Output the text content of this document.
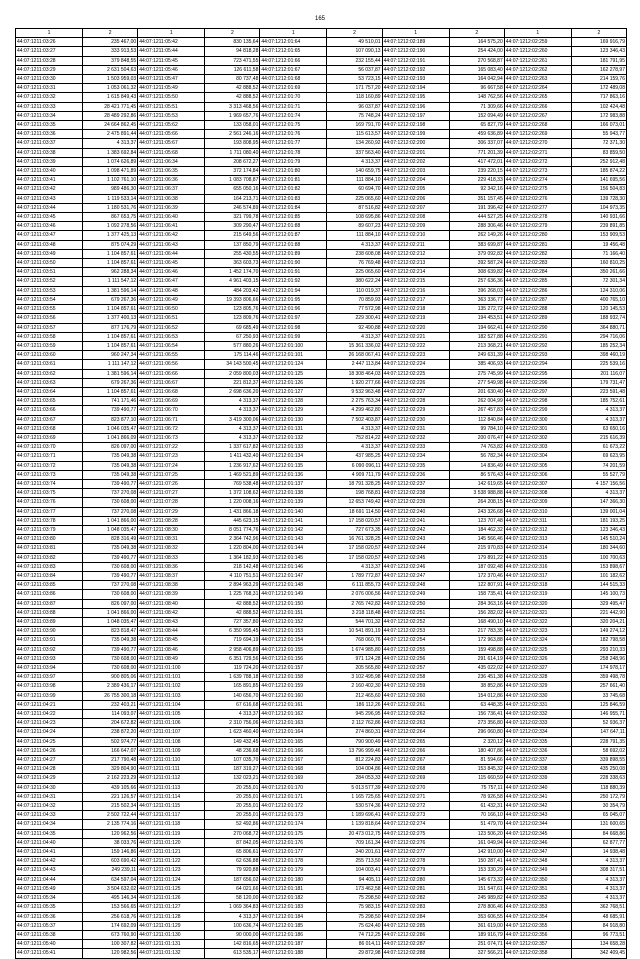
165
1	2	1	2	1	2	1	2	1	2
44:07:1211:03:26	235 467,00	44:07:1211:05:42	830 135,64	44:07:1212:01:64	49 510,01	44:07:1212:02:189	164 575,20	44:07:1212:02:259	169 916,79
44:07:1211:03:27	333 913,53	44:07:1211:05:44	94 818,28	44:07:1212:01:65	107 090,13	44:07:1212:02:190	254 424,00	44:07:1212:02:260	123 346,43
44:07:1211:03:28	379 848,55	44:07:1211:05:45	723 471,55	44:07:1212:01:66	232 155,44	44:07:1212:02:191	270 568,87	44:07:1212:02:261	181 791,95
44:07:1211:03:29	2 631 504,63	44:07:1211:05:46	126 611,58	44:07:1212:01:67	56 037,87	44:07:1212:02:192	165 083,40	44:07:1212:02:262	162 278,97
44:07:1211:03:30	1 503 959,03	44:07:1211:05:47	80 737,48	44:07:1212:01:68	53 723,15	44:07:1212:02:193	164 042,94	44:07:1212:02:263	214 159,76
44:07:1211:03:31	1 053 061,32	44:07:1211:05:49	42 888,52	44:07:1212:01:69	171 757,20	44:07:1212:02:194	96 667,58	44:07:1212:02:264	172 489,08
44:07:1211:03:32	1 615 849,43	44:07:1211:05:50	42 888,52	44:07:1212:01:70	118 160,89	44:07:1212:02:195	148 762,56	44:07:1212:02:265	717 863,16
44:07:1211:03:33	28 421 771,45	44:07:1211:05:51	3 313 468,56	44:07:1212:01:71	96 037,87	44:07:1212:02:196	71 309,66	44:07:1212:02:266	102 424,48
44:07:1211:03:34	28 489 292,86	44:07:1211:05:53	1 969 657,76	44:07:1212:01:74	75 748,24	44:07:1212:02:197	152 094,49	44:07:1212:02:267	172 983,88
44:07:1211:03:35	24 664 862,45	44:07:1211:05:62	133 058,01	44:07:1212:01:75	169 791,70	44:07:1212:02:198	65 827,79	44:07:1212:02:268	166 073,01
44:07:1211:03:36	2 475 891,44	44:07:1211:05:66	2 561 246,16	44:07:1212:01:76	115 613,57	44:07:1212:02:199	459 636,89	44:07:1212:02:269	55 943,77
44:07:1211:03:37	4 313,37	44:07:1211:05:67	193 808,95	44:07:1212:01:77	134 260,92	44:07:1212:02:200	306 337,07	44:07:1212:02:270	72 371,30
44:07:1211:03:38	1 383 692,84	44:07:1211:05:68	1 711 080,40	44:07:1212:01:78	337 563,40	44:07:1212:02:201	771 201,39	44:07:1212:02:271	83 859,50
44:07:1211:03:39	1 074 626,89	44:07:1211:06:34	208 672,27	44:07:1212:01:79	4 313,37	44:07:1212:02:202	417 472,01	44:07:1212:02:272	252 912,48
44:07:1211:03:40	1 098 471,89	44:07:1211:06:35	372 174,84	44:07:1212:01:80	140 659,75	44:07:1212:02:203	239 220,15	44:07:1212:02:273	185 874,22
44:07:1211:03:41	1 102 761,10	44:07:1211:06:36	1 083 708,87	44:07:1212:01:81	111 884,10	44:07:1212:02:204	229 418,33	44:07:1212:02:274	141 695,56
44:07:1211:03:42	989 486,30	44:07:1211:06:37	655 050,16	44:07:1212:01:82	60 694,70	44:07:1212:02:205	92 342,16	44:07:1212:02:275	156 504,83
44:07:1211:03:43	1 119 533,14	44:07:1211:06:38	164 213,71	44:07:1212:01:83	225 065,60	44:07:1212:02:206	351 157,45	44:07:1212:02:276	139 728,30
44:07:1211:03:44	1 180 531,76	44:07:1211:06:39	246 574,89	44:07:1212:01:84	87 516,82	44:07:1212:02:207	191 396,42	44:07:1212:02:277	104 973,35
44:07:1211:03:45	867 653,75	44:07:1211:06:40	321 799,78	44:07:1212:01:85	108 695,86	44:07:1212:02:208	444 527,25	44:07:1212:02:278	140 931,66
44:07:1211:03:46	1 092 278,56	44:07:1211:06:41	309 290,47	44:07:1212:01:88	89 607,23	44:07:1212:02:209	288 306,46	44:07:1212:02:279	239 891,85
44:07:1211:03:47	1 377 425,13	44:07:1211:06:42	215 649,56	44:07:1212:01:87	111 884,10	44:07:1212:02:210	262 149,26	44:07:1212:02:280	153 909,53
44:07:1211:03:48	875 074,29	44:07:1211:06:43	137 850,79	44:07:1212:01:88	4 313,37	44:07:1212:02:211	383 699,87	44:07:1212:02:281	19 456,48
44:07:1211:03:49	1 104 857,61	44:07:1211:06:44	255 430,55	44:07:1212:01:89	238 608,08	44:07:1212:02:212	379 092,82	44:07:1212:02:282	71 166,40
44:07:1211:03:50	1 104 857,61	44:07:1211:06:45	363 603,73	44:07:1212:01:90	76 769,48	44:07:1212:02:213	392 587,24	44:07:1212:02:283	160 810,25
44:07:1211:03:51	962 288,34	44:07:1211:06:46	1 452 174,70	44:07:1212:01:91	225 065,60	44:07:1212:02:214	308 639,82	44:07:1212:02:284	350 261,66
44:07:1211:03:52	1 111 547,12	44:07:1211:06:47	4 961 403,15	44:07:1212:01:92	380 622,24	44:07:1212:02:215	257 636,36	44:07:1212:02:285	72 301,34
44:07:1211:03:53	1 381 596,14	44:07:1211:06:48	484 203,42	44:07:1212:01:94	110 019,37	44:07:1212:02:216	396 268,03	44:07:1212:02:286	124 310,06
44:07:1211:03:54	679 267,36	44:07:1211:06:49	19 393 806,66	44:07:1212:01:95	70 859,93	44:07:1212:02:217	363 336,77	44:07:1212:02:287	400 765,10
44:07:1211:03:55	1 104 857,61	44:07:1211:06:50	123 805,76	44:07:1212:01:96	77 572,98	44:07:1212:02:218	135 272,72	44:07:1212:02:288	120 145,53
44:07:1211:03:56	1 377 400,13	44:07:1211:06:51	123 809,76	44:07:1212:01:97	229 300,41	44:07:1212:02:219	194 453,51	44:07:1212:02:289	188 932,74
44:07:1211:03:57	877 176,79	44:07:1211:06:52	69 685,49	44:07:1212:01:98	92 490,88	44:07:1212:02:220	194 662,41	44:07:1212:02:290	364 880,71
44:07:1211:03:58	1 104 857,61	44:07:1211:06:53	67 250,93	44:07:1212:01:99	4 313,37	44:07:1212:02:221	182 527,88	44:07:1212:02:291	294 716,06
44:07:1211:03:59	1 104 857,61	44:07:1211:06:54	577 880,26	44:07:1212:01:100	15 361 336,02	44:07:1212:02:222	213 368,21	44:07:1212:02:292	185 252,34
44:07:1211:03:60	960 247,34	44:07:1211:06:55	175 114,46	44:07:1212:01:101	26 168 067,41	44:07:1212:02:223	249 631,39	44:07:1212:02:293	398 460,19
44:07:1211:03:61	1 111 147,12	44:07:1211:06:56	34 143 500,45	44:07:1212:01:124	2 447 113,84	44:07:1212:02:224	385 406,93	44:07:1212:02:294	225 539,16
44:07:1211:03:62	1 381 596,14	44:07:1211:06:66	2 059 800,03	44:07:1212:01:125	18 308 464,03	44:07:1212:02:225	275 745,99	44:07:1212:02:295	201 116,07
44:07:1211:03:63	679 267,36	44:07:1211:06:67	221 812,37	44:07:1212:01:126	1 920 277,66	44:07:1212:02:226	277 549,98	44:07:1212:02:296	179 731,47
44:07:1211:03:64	1 104 857,61	44:07:1211:06:68	2 698 636,20	44:07:1212:01:127	9 532 963,48	44:07:1212:02:227	201 630,40	44:07:1212:02:297	223 591,48
44:07:1211:03:65	741 171,46	44:07:1211:06:69	4 313,37	44:07:1212:01:128	2 275 763,34	44:07:1212:02:228	262 004,99	44:07:1212:02:298	185 752,61
44:07:1211:03:66	739 490,77	44:07:1211:06:70	4 313,37	44:07:1212:01:129	4 299 462,80	44:07:1212:02:229	267 457,83	44:07:1212:02:299	4 313,37
44:07:1211:03:67	823 877,10	44:07:1211:06:71	3 419 300,06	44:07:1212:01:130	7 502 403,87	44:07:1212:02:230	112 840,84	44:07:1212:02:300	4 313,37
44:07:1211:03:68	1 046 035,47	44:07:1211:06:72	4 313,37	44:07:1212:01:131	4 313,37	44:07:1212:02:231	99 784,10	44:07:1212:02:301	63 650,16
44:07:1211:03:69	1 041 866,09	44:07:1211:06:73	4 313,37	44:07:1212:01:132	752 814,22	44:07:1212:02:232	200 076,47	44:07:1212:02:302	215 616,39
44:07:1211:03:70	826 097,00	44:07:1211:07:22	1 337 617,82	44:07:1212:01:133	4 313,37	44:07:1212:02:233	74 763,82	44:07:1212:02:303	61 673,22
44:07:1211:03:71	735 049,38	44:07:1211:07:23	1 411 432,40	44:07:1212:01:134	437 985,25	44:07:1212:02:234	56 782,34	44:07:1212:02:304	69 623,95
44:07:1211:03:72	735 049,38	44:07:1211:07:24	1 236 917,62	44:07:1212:01:135	6 090 096,11	44:07:1212:02:235	14 836,49	44:07:1212:02:305	74 201,59
44:07:1211:03:73	735 049,38	44:07:1211:07:25	1 469 521,89	44:07:1212:01:136	4 909 711,79	44:07:1212:02:236	86 576,43	44:07:1212:02:306	55 527,79
44:07:1211:03:74	739 490,77	44:07:1211:07:26	769 538,48	44:07:1212:01:137	18 791 328,25	44:07:1212:02:237	142 619,65	44:07:1212:02:307	4 157 156,56
44:07:1211:03:75	737 270,08	44:07:1211:07:27	1 372 108,62	44:07:1212:01:138	198 768,81	44:07:1212:02:238	3 538 988,88	44:07:1212:02:308	4 313,37
44:07:1211:03:76	730 608,00	44:07:1211:07:28	1 220 008,16	44:07:1212:01:139	12 653 749,42	44:07:1212:02:239	264 208,15	44:07:1212:02:309	147 366,30
44:07:1211:03:77	737 270,08	44:07:1211:07:29	1 431 866,18	44:07:1212:01:140	18 691 114,50	44:07:1212:02:240	243 326,68	44:07:1212:02:310	139 001,04
44:07:1211:03:78	1 041 866,00	44:07:1211:08:28	445 623,15	44:07:1212:01:141	17 158 020,57	44:07:1212:02:241	123 707,48	44:07:1212:02:311	181 193,25
44:07:1211:03:79	1 048 035,47	44:07:1211:08:30	8 051 774,76	44:07:1212:01:142	727 673,35	44:07:1212:02:242	184 462,32	44:07:1212:02:312	123 346,43
44:07:1211:03:80	828 316,49	44:07:1211:08:31	2 364 742,96	44:07:1212:01:143	16 761 328,25	44:07:1212:02:243	145 566,46	44:07:1212:02:313	145 510,24
44:07:1211:03:81	735 049,38	44:07:1211:08:32	1 220 804,00	44:07:1212:01:144	17 158 020,57	44:07:1212:02:244	215 970,83	44:07:1212:02:314	180 344,60
44:07:1211:03:82	739 490,77	44:07:1211:08:33	1 364 182,93	44:07:1212:01:145	17 158 020,57	44:07:1212:02:245	179 891,22	44:07:1212:02:315	100 700,63
44:07:1211:03:83	730 608,00	44:07:1211:08:36	218 142,48	44:07:1212:01:146	4 313,37	44:07:1212:02:246	187 092,48	44:07:1212:02:316	153 898,67
44:07:1211:03:84	739 490,77	44:07:1211:08:37	4 110 751,51	44:07:1212:01:147	1 789 772,87	44:07:1212:02:247	172 370,46	44:07:1212:02:317	101 182,62
44:07:1211:03:85	737 270,08	44:07:1211:08:38	2 894 963,29	44:07:1212:01:148	6 111 855,73	44:07:1212:02:248	122 807,91	44:07:1212:02:318	144 515,33
44:07:1211:03:86	730 608,00	44:07:1211:08:39	1 225 768,31	44:07:1212:01:149	2 076 006,56	44:07:1212:02:249	158 735,41	44:07:1212:02:319	145 100,73
44:07:1211:03:87	826 097,00	44:07:1211:08:40	42 888,52	44:07:1212:01:150	2 765 742,82	44:07:1212:02:250	284 363,16	44:07:1212:02:320	329 495,47
44:07:1211:03:88	1 041 866,00	44:07:1211:08:42	42 888,52	44:07:1212:01:151	3 218 118,48	44:07:1212:02:251	156 282,02	44:07:1212:02:321	221 442,90
44:07:1211:03:89	1 048 035,47	44:07:1211:08:43	727 357,80	44:07:1212:01:152	544 701,32	44:07:1212:02:252	168 490,10	44:07:1212:02:322	320 204,21
44:07:1211:03:90	823 818,47	44:07:1211:08:44	6 350 995,45	44:07:1212:01:153	10 541 891,19	44:07:1212:02:253	217 783,35	44:07:1212:02:323	149 274,12
44:07:1211:03:91	735 049,38	44:07:1211:08:45	719 694,19	44:07:1212:01:154	768 060,76	44:07:1212:02:254	172 963,88	44:07:1212:02:324	182 798,58
44:07:1211:03:92	739 490,77	44:07:1211:08:46	2 958 406,89	44:07:1212:01:155	1 674 985,80	44:07:1212:02:255	159 498,88	44:07:1212:02:325	293 210,33
44:07:1211:03:93	730 608,00	44:07:1211:08:49	6 351 729,56	44:07:1212:01:156	971 124,28	44:07:1212:02:256	291 614,19	44:07:1212:02:326	258 248,96
44:07:1211:03:94	730 608,00	44:07:1211:01:100	119 724,20	44:07:1212:01:157	205 565,80	44:07:1212:02:257	435 022,02	44:07:1212:02:327	174 978,17
44:07:1211:03:97	900 805,06	44:07:1211:01:101	1 639 788,18	44:07:1212:01:158	3 102 495,98	44:07:1212:02:258	236 451,38	44:07:1212:02:328	359 498,78
44:07:1211:03:98	2 389 436,17	44:07:1211:01:102	165 891,85	44:07:1212:01:159	2 160 402,30	44:07:1212:02:259	38 852,86	44:07:1212:02:329	257 661,40
44:07:1211:03:99	26 755 300,18	44:07:1211:01:103	140 656,70	44:07:1212:01:160	212 465,60	44:07:1212:02:260	154 012,86	44:07:1212:02:330	33 745,68
44:07:1211:04:21	232 403,21	44:07:1211:01:104	67 616,68	44:07:1212:01:161	186 112,26	44:07:1212:02:261	63 448,35	44:07:1212:02:331	125 846,59
44:07:1211:04:22	114 093,07	44:07:1211:01:105	4 313,37	44:07:1212:01:162	945 296,95	44:07:1212:02:262	156 736,41	44:07:1212:02:332	146 955,71
44:07:1211:04:23	204 672,82	44:07:1211:01:106	2 310 756,06	44:07:1212:01:163	2 112 762,86	44:07:1212:02:263	273 356,80	44:07:1212:02:333	52 936,37
44:07:1211:04:24	238 872,20	44:07:1211:01:107	1 623 460,40	44:07:1212:01:164	274 860,31	44:07:1212:02:264	296 060,80	44:07:1212:02:334	147 647,11
44:07:1211:04:25	502 974,77	44:07:1211:01:108	149 432,45	44:07:1212:01:165	790 900,49	44:07:1212:02:265	2 320,12	44:07:1212:02:335	228 791,35
44:07:1211:04:26	166 647,07	44:07:1211:01:109	48 236,68	44:07:1212:01:166	13 796 999,46	44:07:1212:02:266	180 407,86	44:07:1212:02:336	58 692,02
44:07:1211:04:27	217 790,48	44:07:1211:01:110	107 035,70	44:07:1212:01:167	812 224,83	44:07:1212:02:267	81 594,66	44:07:1212:02:337	339 898,55
44:07:1211:04:28	329 804,90	44:07:1211:01:111	187 319,27	44:07:1212:01:168	104 004,86	44:07:1212:02:268	153 845,32	44:07:1212:02:338	435 250,08
44:07:1211:04:29	2 162 223,29	44:07:1211:01:112	132 023,21	44:07:1212:01:169	284 053,33	44:07:1212:02:269	115 660,59	44:07:1212:02:339	228 338,63
44:07:1211:04:30	439 105,66	44:07:1211:01:113	20 255,01	44:07:1212:01:170	5 013 577,39	44:07:1212:02:270	75 757,11	44:07:1212:02:340	118 880,39
44:07:1211:04:31	221 126,57	44:07:1211:01:114	20 255,01	44:07:1212:01:171	1 165 725,65	44:07:1212:02:271	78 926,58	44:07:1212:02:341	250 172,79
44:07:1211:04:32	215 502,34	44:07:1211:01:115	20 255,01	44:07:1212:01:172	530 574,36	44:07:1212:02:272	61 432,31	44:07:1212:02:342	30 354,79
44:07:1211:04:33	2 502 722,44	44:07:1211:01:117	20 255,01	44:07:1212:01:173	1 189 696,41	44:07:1212:02:273	70 166,10	44:07:1212:02:343	65 045,07
44:07:1211:04:34	2 135 774,16	44:07:1211:01:118	52 492,86	44:07:1212:01:174	1 139 818,64	44:07:1212:02:274	51 479,70	44:07:1212:02:344	131 600,65
44:07:1211:04:35	120 962,56	44:07:1211:01:119	270 068,72	44:07:1212:01:175	20 473 012,75	44:07:1212:02:275	123 506,20	44:07:1212:02:345	84 668,86
44:07:1211:04:40	38 033,76	44:07:1211:01:120	87 842,05	44:07:1212:01:176	709 161,34	44:07:1212:02:276	161 049,94	44:07:1212:02:346	62 877,77
44:07:1211:04:41	159 146,86	44:07:1211:01:121	65 806,61	44:07:1212:01:177	240 201,61	44:07:1212:02:277	142 910,00	44:07:1212:02:347	14 938,48
44:07:1211:04:42	603 690,42	44:07:1211:01:122	62 636,88	44:07:1212:01:178	255 713,50	44:07:1212:02:278	150 287,41	44:07:1212:02:348	4 313,37
44:07:1211:04:43	249 239,11	44:07:1211:01:123	79 920,88	44:07:1212:01:179	104 003,41	44:07:1212:02:279	153 330,29	44:07:1212:02:349	308 317,51
44:07:1211:04:44	634 597,04	44:07:1211:01:124	187 656,02	44:07:1212:01:180	94 405,11	44:07:1212:02:280	145 673,32	44:07:1212:02:350	4 313,37
44:07:1211:05:49	3 504 632,02	44:07:1211:01:125	64 021,66	44:07:1212:01:181	173 462,58	44:07:1212:02:281	151 547,61	44:07:1212:02:351	4 313,37
44:07:1211:05:34	495 146,34	44:07:1211:01:126	58 120,00	44:07:1212:01:182	75 298,50	44:07:1212:02:282	245 989,82	44:07:1212:02:352	4 313,37
44:07:1211:05:35	153 566,65	44:07:1211:01:127	1 069 364,83	44:07:1212:01:183	75 983,15	44:07:1212:02:283	278 806,46	44:07:1212:02:353	362 768,51
44:07:1211:05:36	256 618,76	44:07:1211:01:128	4 313,37	44:07:1212:01:184	75 298,50	44:07:1212:02:284	353 606,55	44:07:1212:02:354	48 685,91
44:07:1211:05:37	174 692,09	44:07:1211:01:129	100 636,74	44:07:1212:01:185	75 624,40	44:07:1212:02:285	361 619,00	44:07:1212:02:355	84 918,80
44:07:1211:05:38	673 760,90	44:07:1211:01:130	90 000,00	44:07:1212:01:186	74 712,25	44:07:1212:02:286	189 916,79	44:07:1212:02:356	96 773,51
44:07:1211:05:40	100 307,82	44:07:1211:01:131	142 816,65	44:07:1212:01:187	86 014,11	44:07:1212:02:287	251 074,71	44:07:1212:02:357	134 658,28
44:07:1211:05:41	120 982,56	44:07:1211:01:132	613 535,17	44:07:1212:01:188	29 872,98	44:07:1212:02:288	327 566,21	44:07:1212:02:358	342 409,45
